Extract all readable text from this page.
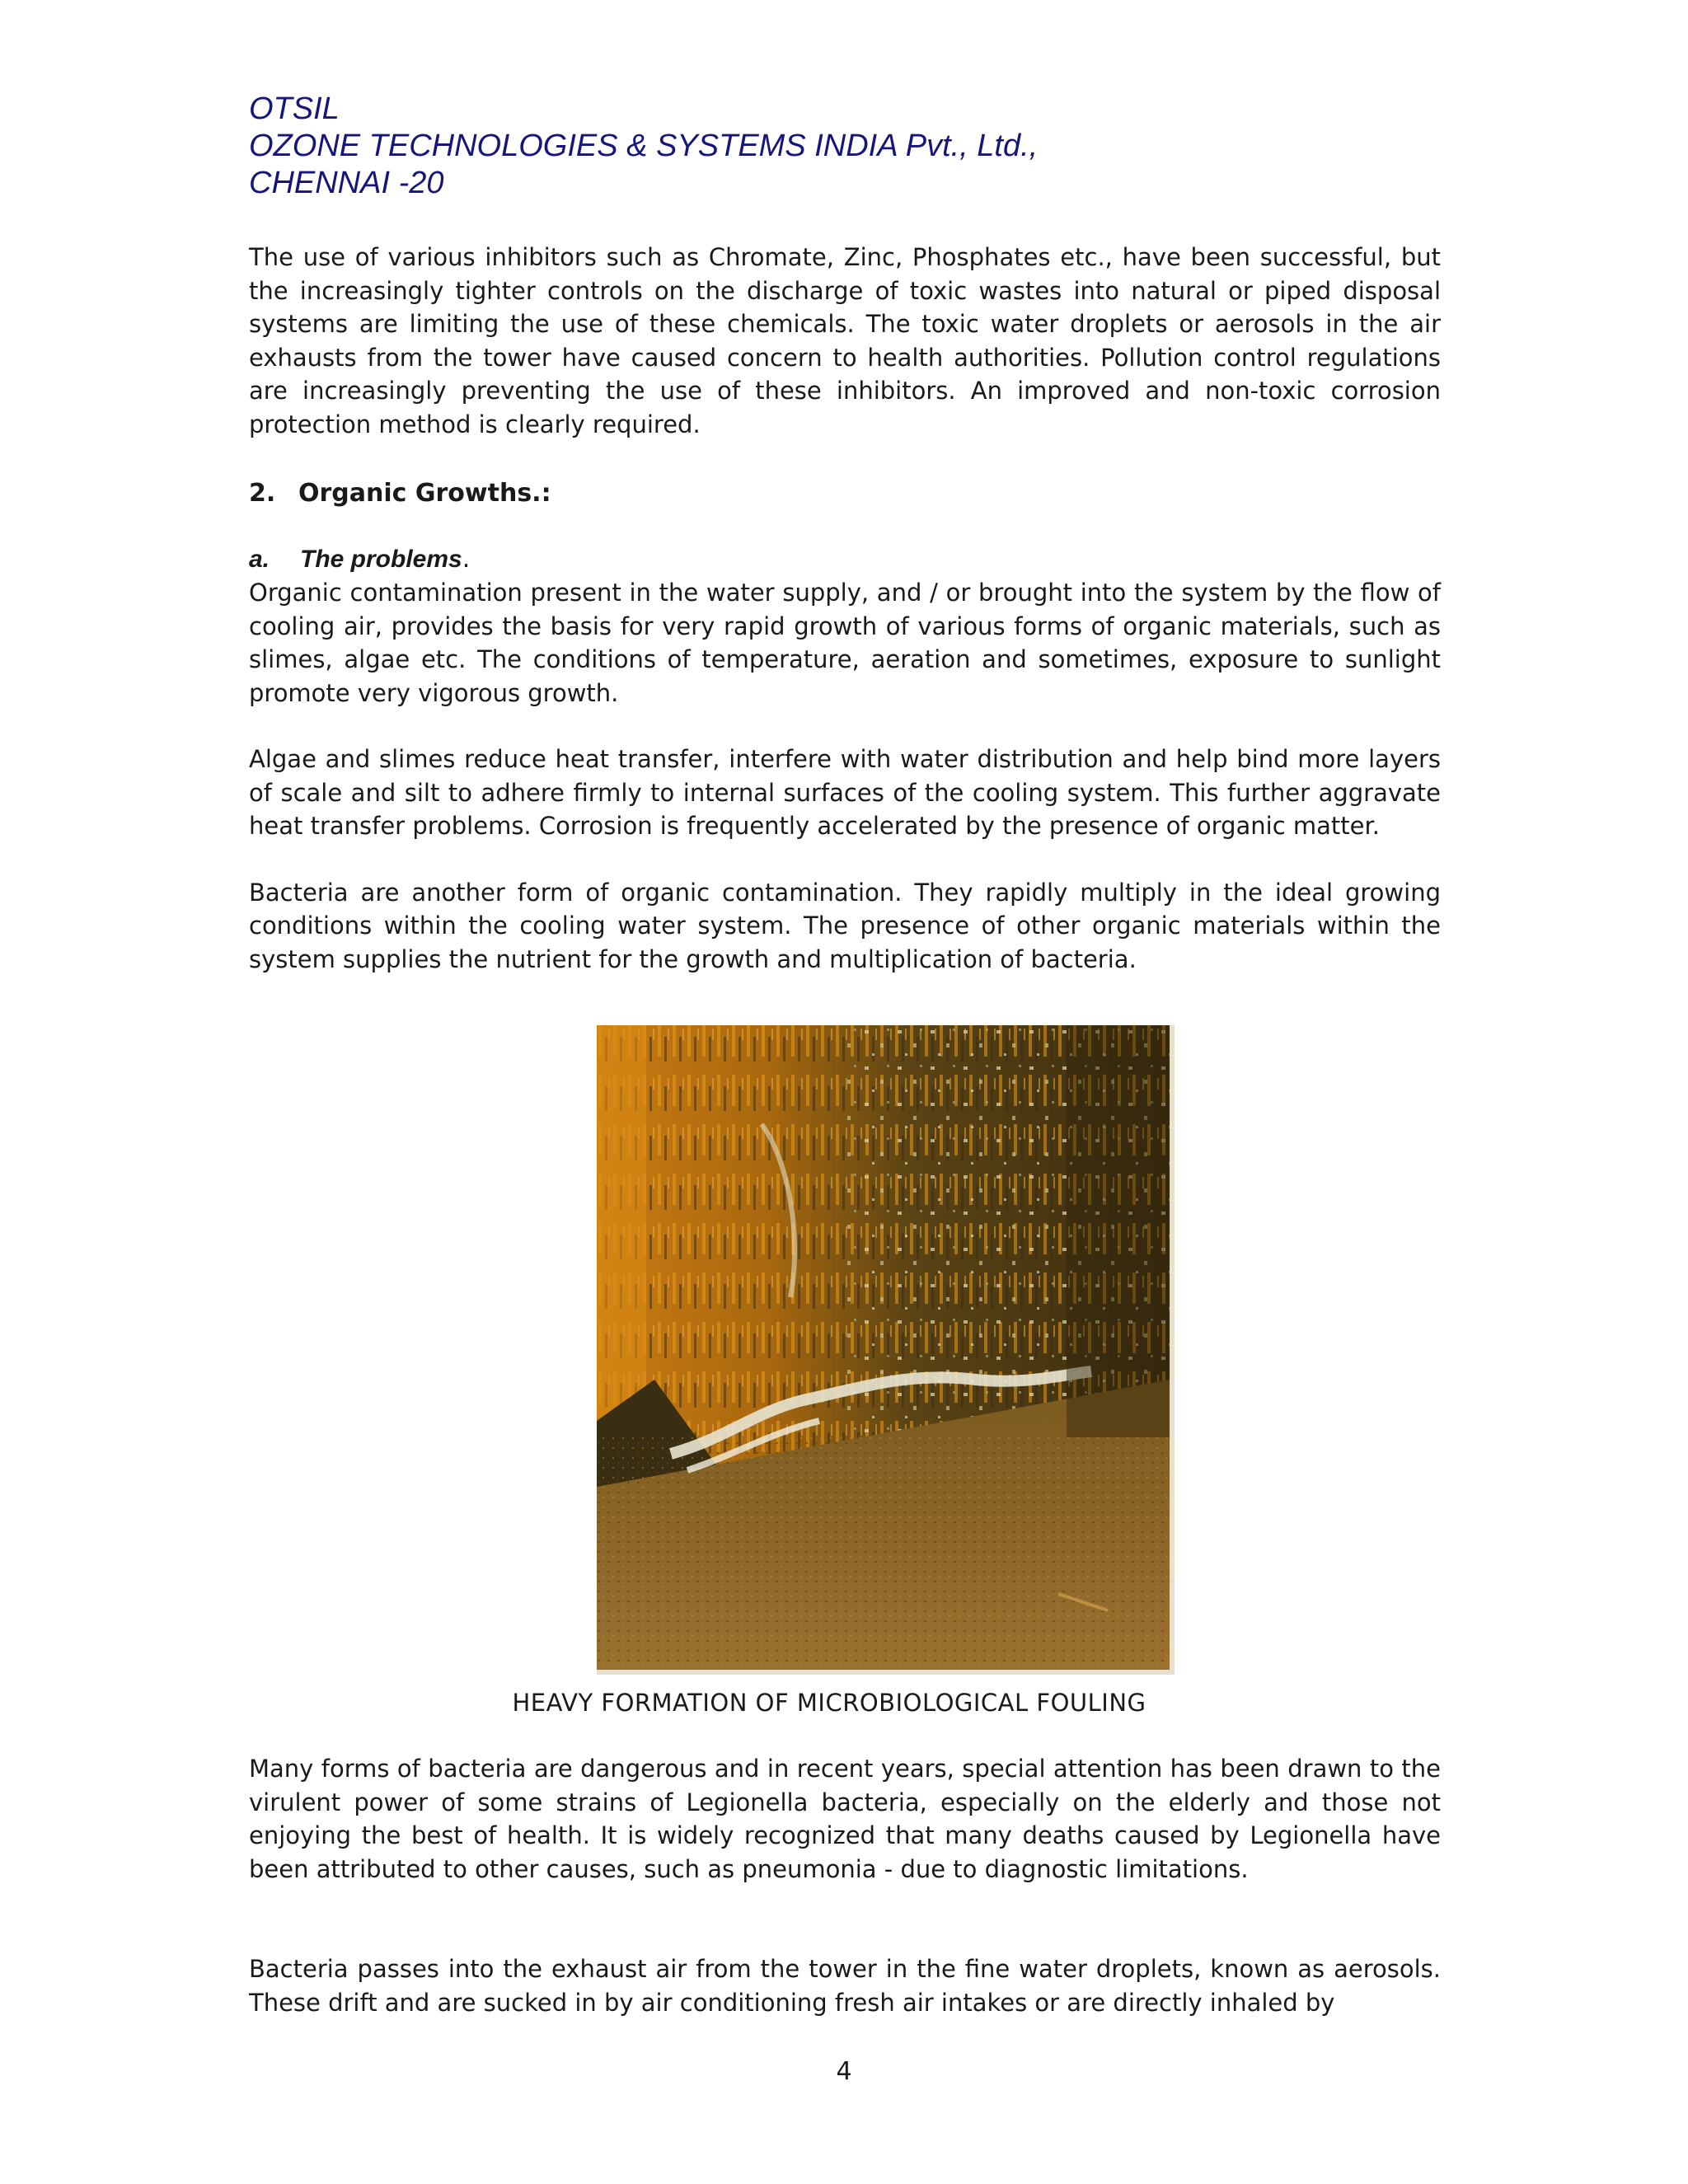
OTSIL
OZONE TECHNOLOGIES & SYSTEMS INDIA Pvt., Ltd.,
CHENNAI -20

The use of various inhibitors such as Chromate, Zinc, Phosphates etc., have been successful, but the increasingly tighter controls on the discharge of toxic wastes into natural or piped disposal systems are limiting the use of these chemicals. The toxic water droplets or aerosols in the air exhausts from the tower have caused concern to health authorities. Pollution control regulations are increasingly preventing the use of these inhibitors. An improved and non-toxic corrosion protection method is clearly required.

2. Organic Growths.:
a. The problems.

Organic contamination present in the water supply, and / or brought into the system by the flow of cooling air, provides the basis for very rapid growth of various forms of organic materials, such as slimes, algae etc. The conditions of temperature, aeration and sometimes, exposure to sunlight promote very vigorous growth.

Algae and slimes reduce heat transfer, interfere with water distribution and help bind more layers of scale and silt to adhere firmly to internal surfaces of the cooling system. This further aggravate heat transfer problems. Corrosion is frequently accelerated by the presence of organic matter.

Bacteria are another form of organic contamination. They rapidly multiply in the ideal growing conditions within the cooling water system. The presence of other organic materials within the system supplies the nutrient for the growth and multiplication of bacteria.

HEAVY FORMATION OF MICROBIOLOGICAL FOULING

Many forms of bacteria are dangerous and in recent years, special attention has been drawn to the virulent power of some strains of Legionella bacteria, especially on the elderly and those not enjoying the best of health. It is widely recognized that many deaths caused by Legionella have been attributed to other causes, such as pneumonia - due to diagnostic limitations.

Bacteria passes into the exhaust air from the tower in the fine water droplets, known as aerosols. These drift and are sucked in by air conditioning fresh air intakes or are directly inhaled by

4
